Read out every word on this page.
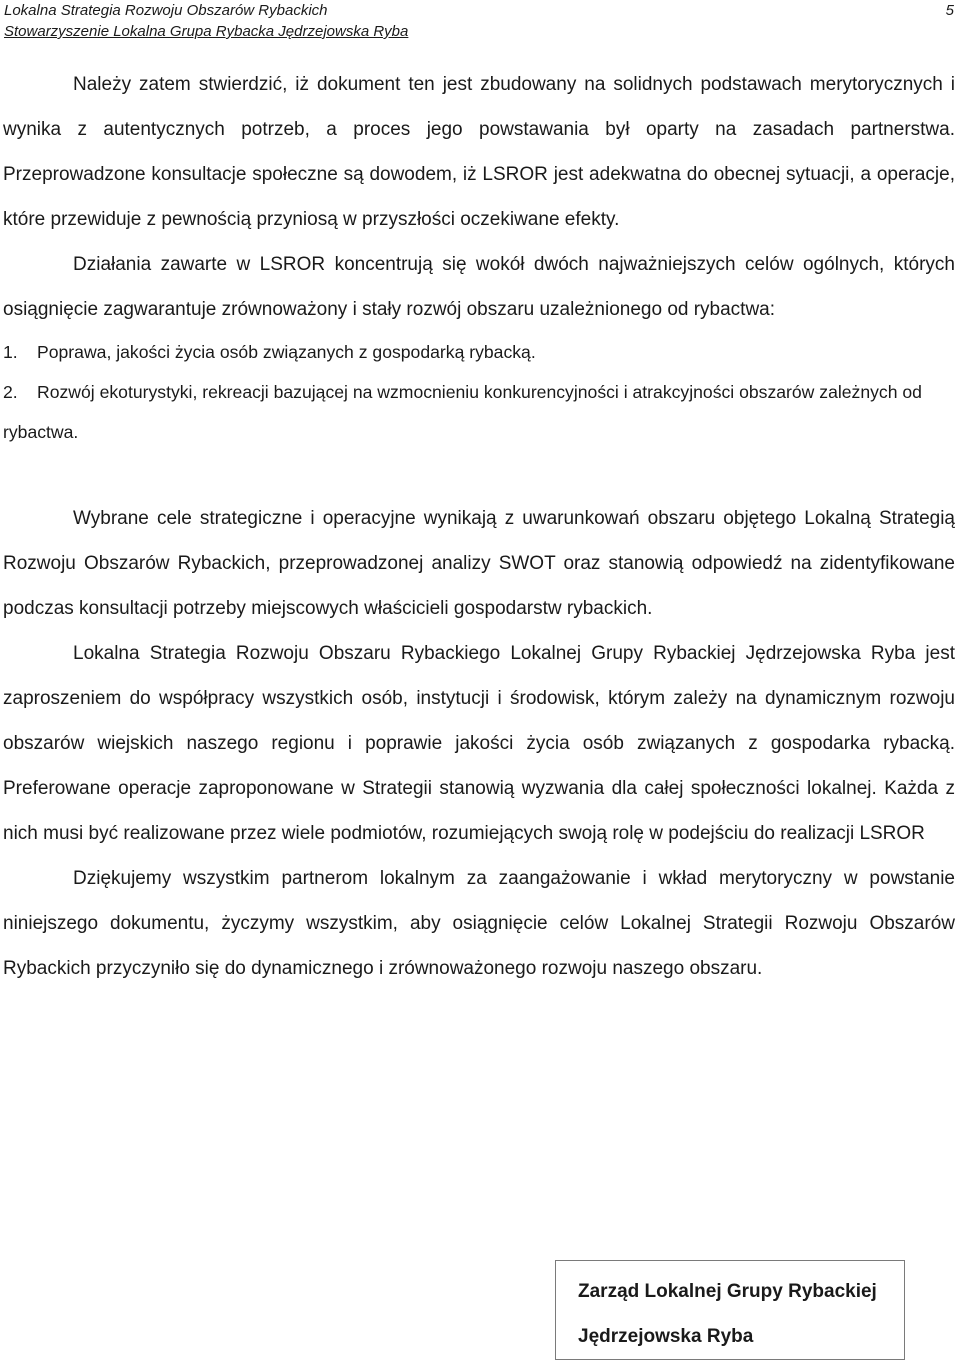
Lokalna Strategia Rozwoju Obszarów Rybackich
Stowarzyszenie Lokalna Grupa Rybacka Jędrzejowska Ryba
5

Należy zatem stwierdzić, iż dokument ten jest zbudowany na solidnych podstawach merytorycznych i wynika z autentycznych potrzeb, a proces jego powstawania był oparty na zasadach partnerstwa. Przeprowadzone konsultacje społeczne są dowodem, iż LSROR jest adekwatna do obecnej sytuacji, a operacje, które przewiduje z pewnością przyniosą w przyszłości oczekiwane efekty.

Działania zawarte w LSROR koncentrują się wokół dwóch najważniejszych celów ogólnych, których osiągnięcie zagwarantuje zrównoważony i stały rozwój obszaru uzależnionego od rybactwa:

1. Poprawa, jakości życia osób związanych z gospodarką rybacką.
2. Rozwój ekoturystyki, rekreacji bazującej na wzmocnieniu konkurencyjności i atrakcyjności obszarów zależnych od rybactwa.

Wybrane cele strategiczne i operacyjne wynikają z uwarunkowań obszaru objętego Lokalną Strategią Rozwoju Obszarów Rybackich, przeprowadzonej analizy SWOT oraz stanowią odpowiedź na zidentyfikowane podczas konsultacji potrzeby miejscowych właścicieli gospodarstw rybackich.

Lokalna Strategia Rozwoju Obszaru Rybackiego Lokalnej Grupy Rybackiej Jędrzejowska Ryba jest zaproszeniem do współpracy wszystkich osób, instytucji i środowisk, którym zależy na dynamicznym rozwoju obszarów wiejskich naszego regionu i poprawie jakości życia osób związanych z gospodarka rybacką. Preferowane operacje zaproponowane w Strategii stanowią wyzwania dla całej społeczności lokalnej. Każda z nich musi być realizowane przez wiele podmiotów, rozumiejących swoją rolę w podejściu do realizacji LSROR

Dziękujemy wszystkim partnerom lokalnym za zaangażowanie i wkład merytoryczny w powstanie niniejszego dokumentu, życzymy wszystkim, aby osiągnięcie celów Lokalnej Strategii Rozwoju Obszarów Rybackich przyczyniło się do dynamicznego i zrównoważonego rozwoju naszego obszaru.

Zarząd Lokalnej Grupy Rybackiej
Jędrzejowska Ryba
